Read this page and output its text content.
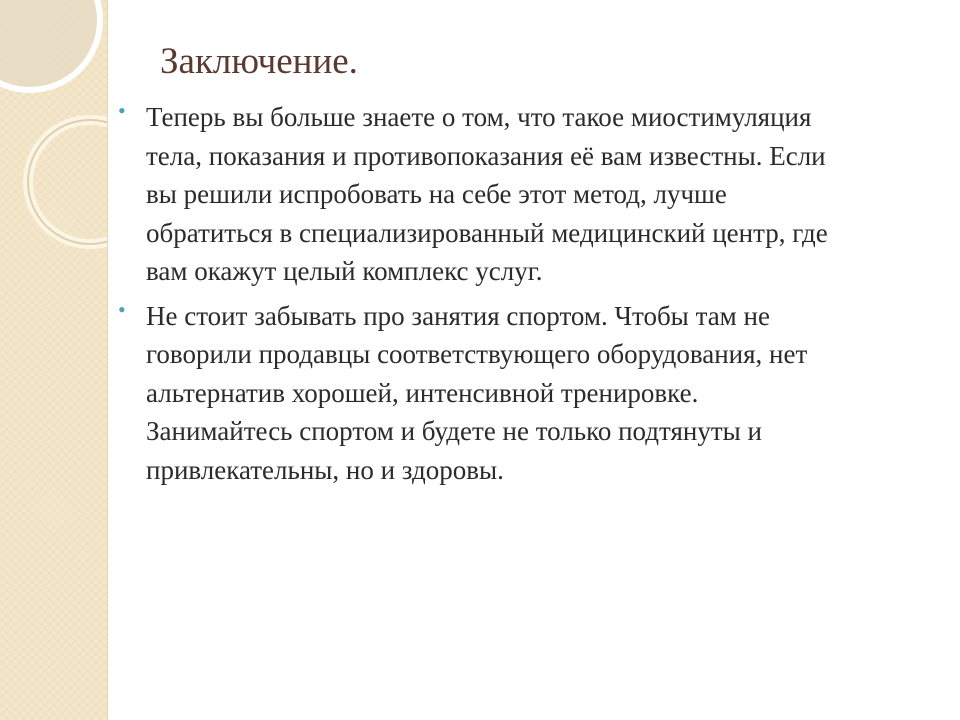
Заключение.
• Теперь вы больше знаете о том, что такое миостимуляция тела, показания и противопоказания её вам известны. Если вы решили испробовать на себе этот метод, лучше обратиться в специализированный медицинский центр, где вам окажут целый комплекс услуг.
• Не стоит забывать про занятия спортом. Чтобы там не говорили продавцы соответствующего оборудования, нет альтернатив хорошей, интенсивной тренировке. Занимайтесь спортом и будете не только подтянуты и привлекательны, но и здоровы.
